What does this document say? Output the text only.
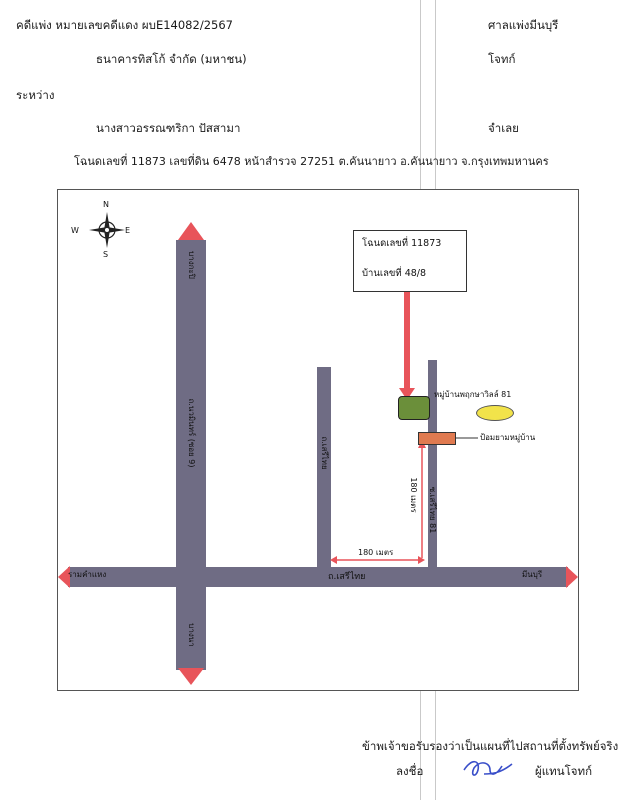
คดีแพ่ง หมายเลขคดีแดง ผบE14082/2567	ศาลแพ่งมีนบุรี
ธนาคารทิสโก้ จำกัด (มหาชน)	โจทก์
ระหว่าง
นางสาวอรรณฑริกา ปัสสามา	จำเลย
โฉนดเลขที่ 11873 เลขที่ดิน 6478 หน้าสำรวจ 27251 ต.คันนายาว อ.คันนายาว จ.กรุงเทพมหานคร
N
S
W	E
โฉนดเลขที่ 11873
บ้านเลขที่ 48/8
หมู่บ้านพฤกษาวิลล์ 81
ป้อมยามหมู่บ้าน
ถ.เสรีไทย
รามคำแหง	มีนบุรี
ถ.นวมินทร์ (ซอย 9)
บางกะปิ
บางนา
ถ.เสรีไทย
ซ.เสรีไทย 81
180 เมตร
180 เมตร
ข้าพเจ้าขอรับรองว่าเป็นแผนที่ไปสถานที่ตั้งทรัพย์จริง
ลงชื่อ	ผู้แทนโจทก์
